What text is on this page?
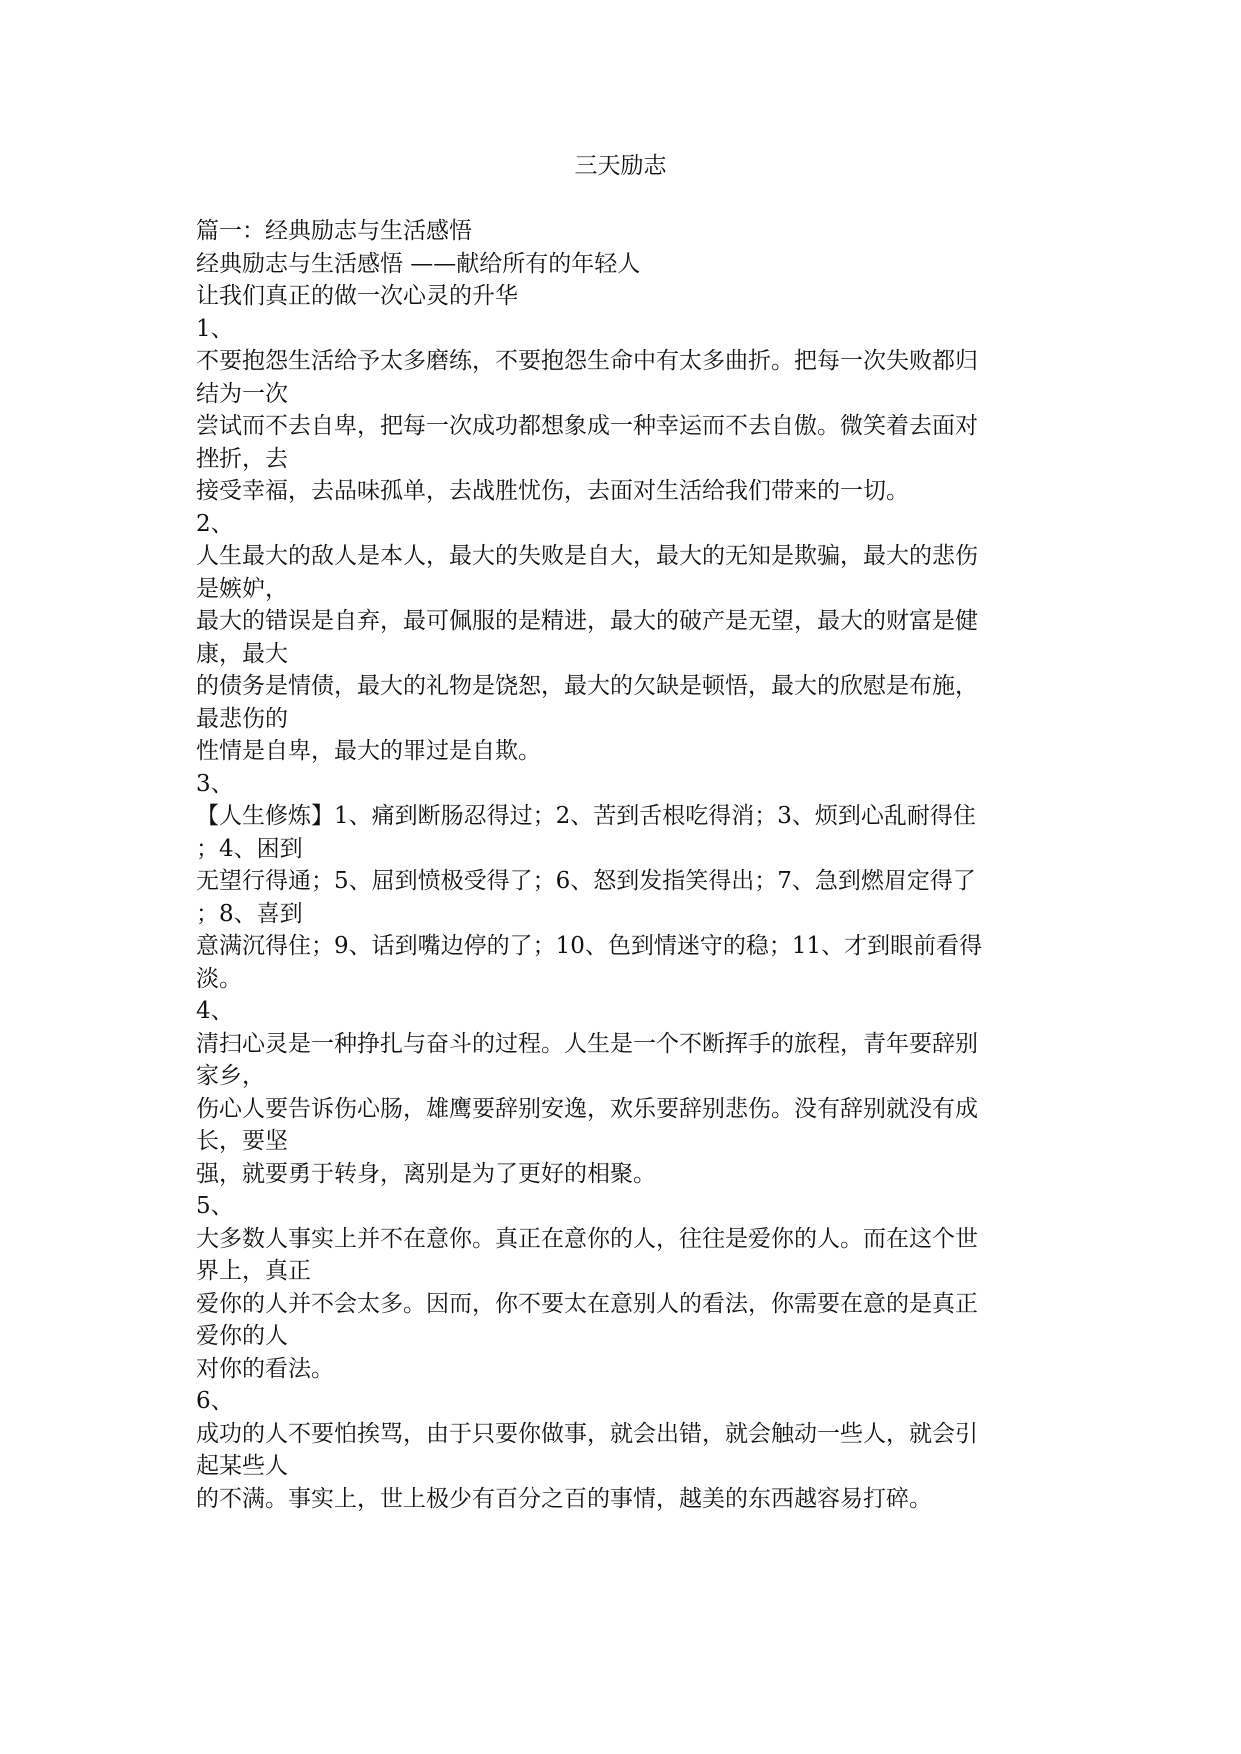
三天励志
篇一：经典励志与生活感悟
经典励志与生活感悟 ——献给所有的年轻人
让我们真正的做一次心灵的升华
1、
不要抱怨生活给予太多磨练，不要抱怨生命中有太多曲折。把每一次失败都归
结为一次
尝试而不去自卑，把每一次成功都想象成一种幸运而不去自傲。微笑着去面对
挫折，去
接受幸福，去品味孤单，去战胜忧伤，去面对生活给我们带来的一切。
2、
人生最大的敌人是本人，最大的失败是自大，最大的无知是欺骗，最大的悲伤
是嫉妒，
最大的错误是自弃，最可佩服的是精进，最大的破产是无望，最大的财富是健
康，最大
的债务是情债，最大的礼物是饶恕，最大的欠缺是顿悟，最大的欣慰是布施，
最悲伤的
性情是自卑，最大的罪过是自欺。
3、
【人生修炼】1、痛到断肠忍得过；2、苦到舌根吃得消；3、烦到心乱耐得住
；4、困到
无望行得通；5、屈到愤极受得了；6、怒到发指笑得出；7、急到燃眉定得了
；8、喜到
意满沉得住；9、话到嘴边停的了；10、色到情迷守的稳；11、才到眼前看得
淡。
4、
清扫心灵是一种挣扎与奋斗的过程。人生是一个不断挥手的旅程，青年要辞别
家乡，
伤心人要告诉伤心肠，雄鹰要辞别安逸，欢乐要辞别悲伤。没有辞别就没有成
长，要坚
强，就要勇于转身，离别是为了更好的相聚。
5、
大多数人事实上并不在意你。真正在意你的人，往往是爱你的人。而在这个世
界上，真正
爱你的人并不会太多。因而，你不要太在意别人的看法，你需要在意的是真正
爱你的人
对你的看法。
6、
成功的人不要怕挨骂，由于只要你做事，就会出错，就会触动一些人，就会引
起某些人
的不满。事实上，世上极少有百分之百的事情，越美的东西越容易打碎。
